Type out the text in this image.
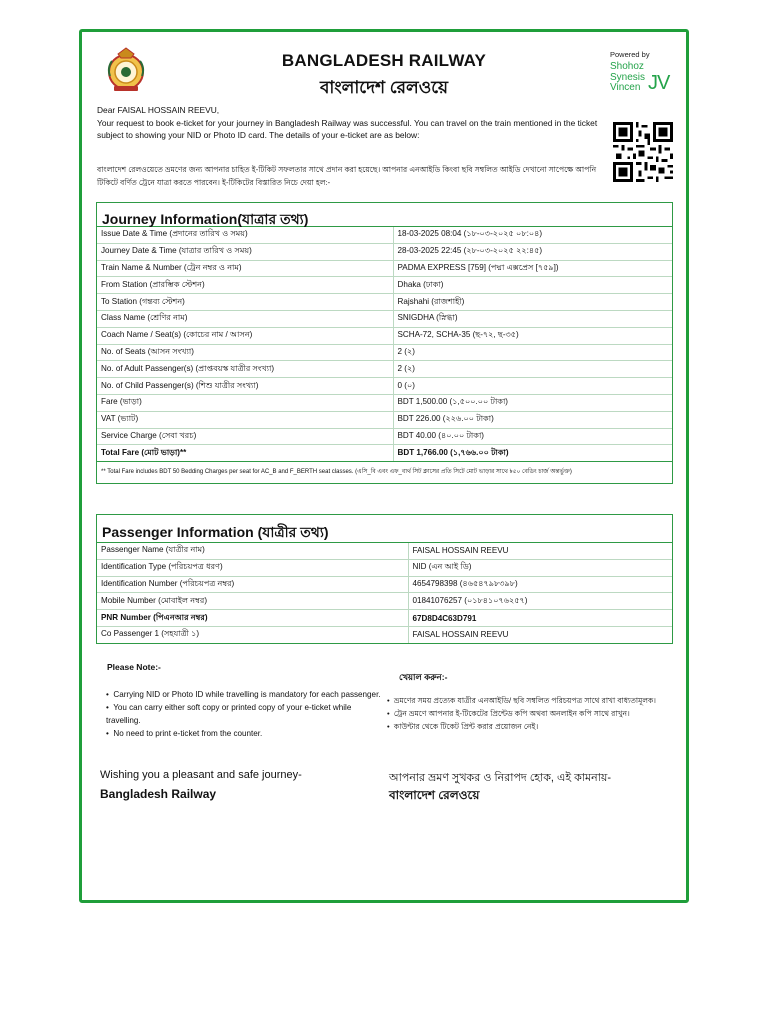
BANGLADESH RAILWAY
বাংলাদেশ রেলওয়ে
Powered by
Shohoz
Synesis
Vincen JV
Dear FAISAL HOSSAIN REEVU,
Your request to book e-ticket for your journey in Bangladesh Railway was successful. You can travel on the train mentioned in the ticket subject to showing your NID or Photo ID card. The details of your e-ticket are as below:
বাংলাদেশ রেলওয়েতে ভ্রমণের জন্য আপনার চাহিত ই-টিকিট সফলতার সাথে প্রদান করা হয়েছে। আপনার এনআইডি কিংবা ছবি সম্বলিত আইডি দেখানো সাপেক্ষে আপনি টিকিটে বর্ণিত ট্রেনে যাত্রা করতে পারবেন। ই-টিকিটের বিস্তারিত নিচে দেয়া হল:-
Journey Information(যাত্রার তথ্য)
Issue Date & Time (প্রদানের তারিখ ও সময়)	18-03-2025 08:04 (১৮-০৩-২০২৫ ০৮:০৪)
Journey Date & Time (যাত্রার তারিখ ও সময়)	28-03-2025 22:45 (২৮-০৩-২০২৫ ২২:৪৫)
Train Name & Number (ট্রেন নম্বর ও নাম)	PADMA EXPRESS [759] (পদ্মা এক্সপ্রেস [৭৫৯])
From Station (প্রারম্ভিক স্টেশন)	Dhaka (ঢাকা)
To Station (গন্তব্য স্টেশন)	Rajshahi (রাজশাহী)
Class Name (শ্রেণির নাম)	SNIGDHA (স্নিগ্ধা)
Coach Name / Seat(s) (কোচের নাম / আসন)	SCHA-72, SCHA-35 (ছ-৭২, ছ-৩৫)
No. of Seats (আসন সংখ্যা)	2 (২)
No. of Adult Passenger(s) (প্রাপ্তবয়স্ক যাত্রীর সংখ্যা)	2 (২)
No. of Child Passenger(s) (শিশু যাত্রীর সংখ্যা)	0 (০)
Fare (ভাড়া)	BDT 1,500.00 (১,৫০০.০০ টাকা)
VAT (ভ্যাট)	BDT 226.00 (২২৬.০০ টাকা)
Service Charge (সেবা খরচ)	BDT 40.00 (৪০.০০ টাকা)
Total Fare (মোট ভাড়া)**	BDT 1,766.00 (১,৭৬৬.০০ টাকা)
** Total Fare includes BDT 50 Bedding Charges per seat for AC_B and F_BERTH seat classes. (এসি_বি এবং এফ_বার্থ সিট ক্লাসের প্রতি সিটে মোট ভাড়ার সাথে ৳৫০ বেডিং চার্জ অন্তর্ভুক্ত)
Passenger Information (যাত্রীর তথ্য)
Passenger Name (যাত্রীর নাম)	FAISAL HOSSAIN REEVU
Identification Type (পরিচয়পত্র ধরণ)	NID (এন আই ডি)
Identification Number (পরিচয়পত্র নম্বর)	4654798398 (৪৬৫৪৭৯৮৩৯৮)
Mobile Number (মোবাইল নম্বর)	01841076257 (০১৮৪১০৭৬২৫৭)
PNR Number (পিএনআর নম্বর)	67D8D4C63D791
Co Passenger 1 (সহযাত্রী ১)	FAISAL HOSSAIN REEVU
Please Note:-
•  Carrying NID or Photo ID while travelling is mandatory for each passenger.
•  You can carry either soft copy or printed copy of your e-ticket while travelling.
•  No need to print e-ticket from the counter.
খেয়াল করুন:-
•  ভ্রমণের সময় প্রত্যেক যাত্রীর এনআইডি/ ছবি সম্বলিত পরিচয়পত্র সাথে রাখা বাধ্যতামূলক।
•  ট্রেন ভ্রমণে আপনার ই-টিকেটের প্রিন্টেড কপি অথবা অনলাইন কপি সাথে রাখুন।
•  কাউন্টার থেকে টিকেট প্রিন্ট করার প্রয়োজন নেই।
Wishing you a pleasant and safe journey-
Bangladesh Railway
আপনার ভ্রমণ সুখকর ও নিরাপদ হোক, এই কামনায়-
বাংলাদেশ রেলওয়ে
